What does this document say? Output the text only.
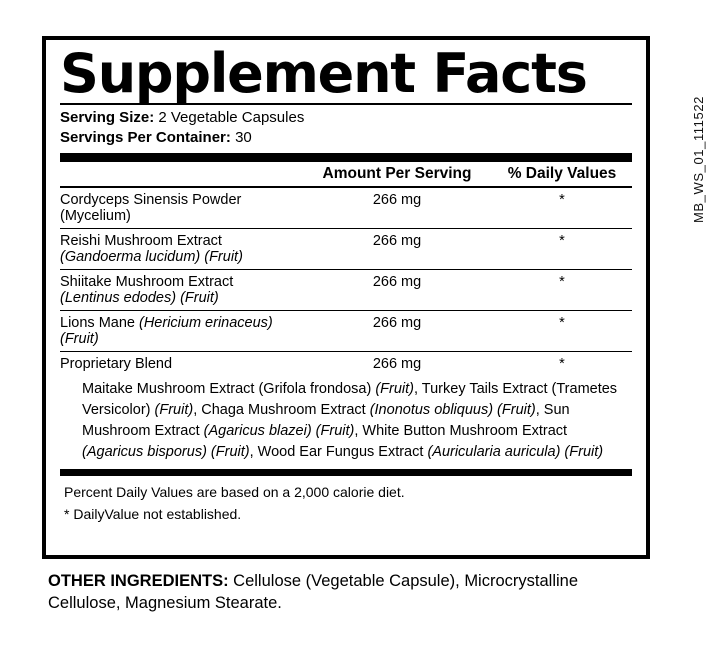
MB_WS_01_111522
Supplement Facts
Serving Size: 2 Vegetable Capsules
Servings Per Container: 30
Amount Per Serving	% Daily Values
Cordyceps Sinensis Powder (Mycelium)	266 mg	*
Reishi Mushroom Extract
(Gandoerma lucidum) (Fruit)	266 mg	*
Shiitake Mushroom Extract
(Lentinus edodes) (Fruit)	266 mg	*
Lions Mane (Hericium erinaceus) (Fruit)	266 mg	*
Proprietary Blend	266 mg	*
Maitake Mushroom Extract (Grifola frondosa) (Fruit), Turkey Tails Extract (Trametes Versicolor) (Fruit), Chaga Mushroom Extract (Inonotus obliquus) (Fruit), Sun Mushroom Extract (Agaricus blazei) (Fruit), White Button Mushroom Extract (Agaricus bisporus) (Fruit), Wood Ear Fungus Extract (Auricularia auricula) (Fruit)
Percent Daily Values are based on a 2,000 calorie diet.
* DailyValue not established.
OTHER INGREDIENTS: Cellulose (Vegetable Capsule), Microcrystalline Cellulose, Magnesium Stearate.
